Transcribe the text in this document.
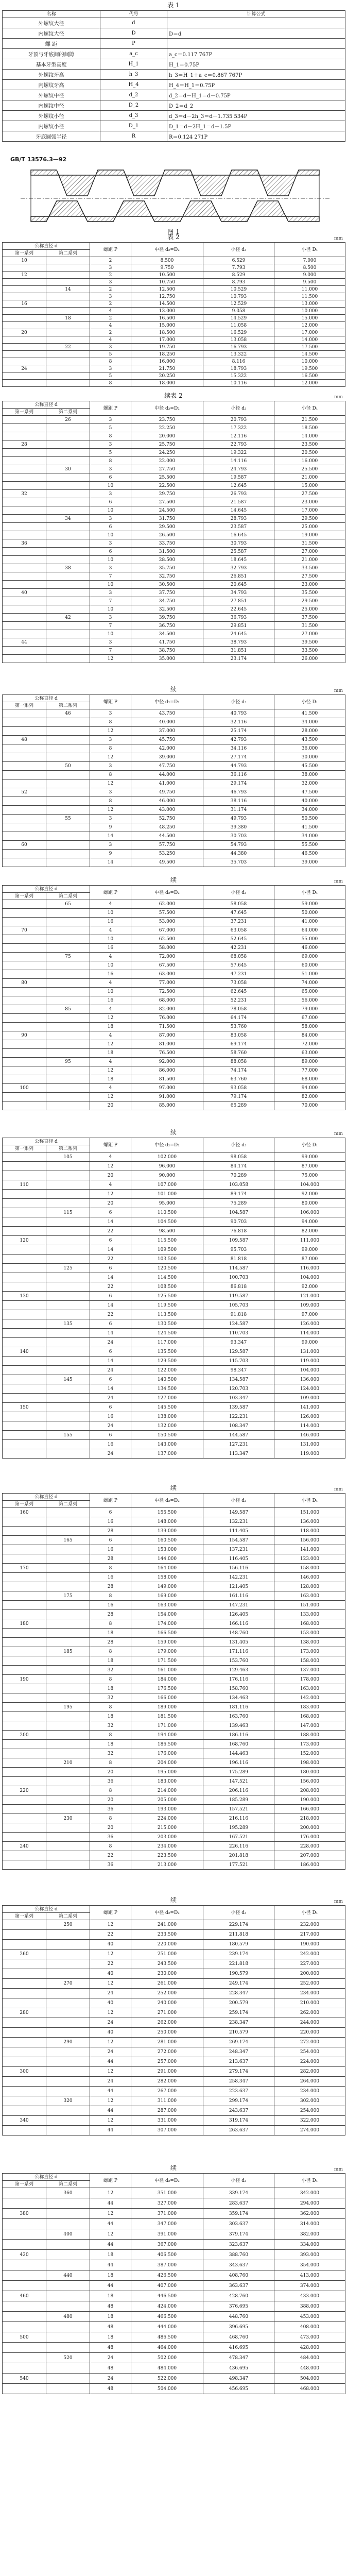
表 1
名称	代号	计算公式
外螺纹大径	d	
内螺纹大径	D	D＝d
螺 距	P	
牙顶与牙底间的间隙	a_c	a_c＝0.117 767P
基本牙型高度	H_1	H_1＝0.75P
外螺纹牙高	h_3	h_3＝H_1＋a_c＝0.867 767P
内螺纹牙高	H_4	H_4＝H_1＝0.75P
外螺纹中径	d_2	d_2＝d－H_1＝d－0.75P
内螺纹中径	D_2	D_2＝d_2
外螺纹小径	d_3	d_3＝d－2h_3＝d－1.735 534P
内螺纹小径	D_1	D_1＝d－2H_1＝d－1.5P
牙底圆弧半径	R	R＝0.124 271P
GB/T 13576.3—92
图 1
表 2	mm
公称直径 d		螺距 P	中径 d₂=D₂	小径 d₃	小径 D₁
第一系列	第二系列				
10		2	8.500	6.529	7.000
		3	9.750	7.793	8.500
12		2	10.500	8.529	9.000
		3	10.750	8.793	9.500
	14	2	12.500	10.529	11.000
		3	12.750	10.793	11.500
16		2	14.500	12.529	13.000
		4	13.000	9.058	10.000
	18	2	16.500	14.529	15.000
		4	15.000	11.058	12.000
20		2	18.500	16.529	17.000
		4	17.000	13.058	14.000
	22	3	19.750	16.793	17.500
		5	18.250	13.322	14.500
		8	16.000	8.116	10.000
24		3	21.750	18.793	19.500
		5	20.250	15.322	16.500
		8	18.000	10.116	12.000
续表 2	mm
公称直径 d		螺距 P	中径 d₂=D₂	小径 d₃	小径 D₁
第一系列	第二系列				
	26	3	23.750	20.793	21.500
		5	22.250	17.322	18.500
		8	20.000	12.116	14.000
28		3	25.750	22.793	23.500
		5	24.250	19.322	20.500
		8	22.000	14.116	16.000
	30	3	27.750	24.793	25.500
		6	25.500	19.587	21.000
		10	22.500	12.645	15.000
32		3	29.750	26.793	27.500
		6	27.500	21.587	23.000
		10	24.500	14.645	17.000
	34	3	31.750	28.793	29.500
		6	29.500	23.587	25.000
		10	26.500	16.645	19.000
36		3	33.750	30.793	31.500
		6	31.500	25.587	27.000
		10	28.500	18.645	21.000
	38	3	35.750	32.793	33.500
		7	32.750	26.851	27.500
		10	30.500	20.645	23.000
40		3	37.750	34.793	35.500
		7	34.750	27.851	29.500
		10	32.500	22.645	25.000
	42	3	39.750	36.793	37.500
		7	36.750	29.851	31.500
		10	34.500	24.645	27.000
44		3	41.750	38.793	39.500
		7	38.750	31.851	33.500
		12	35.000	23.174	26.000
续	mm
公称直径 d		螺距 P	中径 d₂=D₂	小径 d₃	小径 D₁
第一系列	第二系列				
	46	3	43.750	40.793	41.500
		8	40.000	32.116	34.000
		12	37.000	25.174	28.000
48		3	45.750	42.793	43.500
		8	42.000	34.116	36.000
		12	39.000	27.174	30.000
	50	3	47.750	44.793	45.500
		8	44.000	36.116	38.000
		12	41.000	29.174	32.000
52		3	49.750	46.793	47.500
		8	46.000	38.116	40.000
		12	43.000	31.174	34.000
	55	3	52.750	49.793	50.500
		9	48.250	39.380	41.500
		14	44.500	30.703	34.000
60		3	57.750	54.793	55.500
		9	53.250	44.380	46.500
		14	49.500	35.703	39.000
续	mm
公称直径 d		螺距 P	中径 d₂=D₂	小径 d₃	小径 D₁
第一系列	第二系列				
	65	4	62.000	58.058	59.000
		10	57.500	47.645	50.000
		16	53.000	37.231	41.000
70		4	67.000	63.058	64.000
		10	62.500	52.645	55.000
		16	58.000	42.231	46.000
	75	4	72.000	68.058	69.000
		10	67.500	57.645	60.000
		16	63.000	47.231	51.000
80		4	77.000	73.058	74.000
		10	72.500	62.645	65.000
		16	68.000	52.231	56.000
	85	4	82.000	78.058	79.000
		12	76.000	64.174	67.000
		18	71.500	53.760	58.000
90		4	87.000	83.058	84.000
		12	81.000	69.174	72.000
		18	76.500	58.760	63.000
	95	4	92.000	88.058	89.000
		12	86.000	74.174	77.000
		18	81.500	63.760	68.000
100		4	97.000	93.058	94.000
		12	91.000	79.174	82.000
		20	85.000	65.289	70.000
续	mm
公称直径 d		螺距 P	中径 d₂=D₂	小径 d₃	小径 D₁
第一系列	第二系列				
	105	4	102.000	98.058	99.000
		12	96.000	84.174	87.000
		20	90.000	70.289	75.000
110		4	107.000	103.058	104.000
		12	101.000	89.174	92.000
		20	95.000	75.289	80.000
	115	6	110.500	104.587	106.000
		14	104.500	90.703	94.000
		22	98.500	76.818	82.000
120		6	115.500	109.587	111.000
		14	109.500	95.703	99.000
		22	103.500	81.818	87.000
	125	6	120.500	114.587	116.000
		14	114.500	100.703	104.000
		22	108.500	86.818	92.000
130		6	125.500	119.587	121.000
		14	119.500	105.703	109.000
		22	113.500	91.818	97.000
	135	6	130.500	124.587	126.000
		14	124.500	110.703	114.000
		24	117.000	93.347	99.000
140		6	135.500	129.587	131.000
		14	129.500	115.703	119.000
		24	122.000	98.347	104.000
	145	6	140.500	134.587	136.000
		14	134.500	120.703	124.000
		24	127.000	103.347	109.000
150		6	145.500	139.587	141.000
		16	138.000	122.231	126.000
		24	132.000	108.347	114.000
	155	6	150.500	144.587	146.000
		16	143.000	127.231	131.000
		24	137.000	113.347	119.000
续	mm
公称直径 d		螺距 P	中径 d₂=D₂	小径 d₃	小径 D₁
第一系列	第二系列				
160		6	155.500	149.587	151.000
		16	148.000	132.231	136.000
		28	139.000	111.405	118.000
	165	6	160.500	154.587	156.000
		16	153.000	137.231	141.000
		28	144.000	116.405	123.000
170		8	164.000	156.116	158.000
		16	158.000	142.231	146.000
		28	149.000	121.405	128.000
	175	8	169.000	161.116	163.000
		16	163.000	147.231	151.000
		28	154.000	126.405	133.000
180		8	174.000	166.116	168.000
		18	166.500	148.760	153.000
		28	159.000	131.405	138.000
	185	8	179.000	171.116	173.000
		18	171.500	153.760	158.000
		32	161.000	129.463	137.000
190		8	184.000	176.116	178.000
		18	176.500	158.760	163.000
		32	166.000	134.463	142.000
	195	8	189.000	181.116	183.000
		18	181.500	163.760	168.000
		32	171.000	139.463	147.000
200		8	194.000	186.116	188.000
		18	186.500	168.760	173.000
		32	176.000	144.463	152.000
	210	8	204.000	196.116	198.000
		20	195.000	175.289	180.000
		36	183.000	147.521	156.000
220		8	214.000	206.116	208.000
		20	205.000	185.289	190.000
		36	193.000	157.521	166.000
	230	8	224.000	216.116	218.000
		20	215.000	195.289	200.000
		36	203.000	167.521	176.000
240		8	234.000	226.116	228.000
		22	223.500	201.818	207.000
		36	213.000	177.521	186.000
续	mm
公称直径 d		螺距 P	中径 d₂=D₂	小径 d₃	小径 D₁
第一系列	第二系列				
	250	12	241.000	229.174	232.000
		22	233.500	211.818	217.000
		40	220.000	180.579	190.000
260		12	251.000	239.174	242.000
		22	243.500	221.818	227.000
		40	230.000	190.579	200.000
	270	12	261.000	249.174	252.000
		24	252.000	228.347	234.000
		40	240.000	200.579	210.000
280		12	271.000	259.174	262.000
		24	262.000	238.347	244.000
		40	250.000	210.579	220.000
	290	12	281.000	269.174	272.000
		24	272.000	248.347	254.000
		44	257.000	213.637	224.000
300		12	291.000	279.174	282.000
		24	282.000	258.347	264.000
		44	267.000	223.637	234.000
	320	12	311.000	299.174	302.000
		44	287.000	243.637	254.000
340		12	331.000	319.174	322.000
		44	307.000	263.637	274.000
续	mm
公称直径 d		螺距 P	中径 d₂=D₂	小径 d₃	小径 D₁
第一系列	第二系列				
	360	12	351.000	339.174	342.000
		44	327.000	283.637	294.000
380		12	371.000	359.174	362.000
		44	347.000	303.637	314.000
	400	12	391.000	379.174	382.000
		44	367.000	323.637	334.000
420		18	406.500	388.760	393.000
		44	387.000	343.637	354.000
	440	18	426.500	408.760	413.000
		44	407.000	363.637	374.000
460		18	446.500	428.760	433.000
		48	424.000	376.695	388.000
	480	18	466.500	448.760	453.000
		48	444.000	396.695	408.000
500		18	486.500	468.760	473.000
		48	464.000	416.695	428.000
	520	24	502.000	478.347	484.000
		48	484.000	436.695	448.000
540		24	522.000	498.347	504.000
		48	504.000	456.695	468.000
